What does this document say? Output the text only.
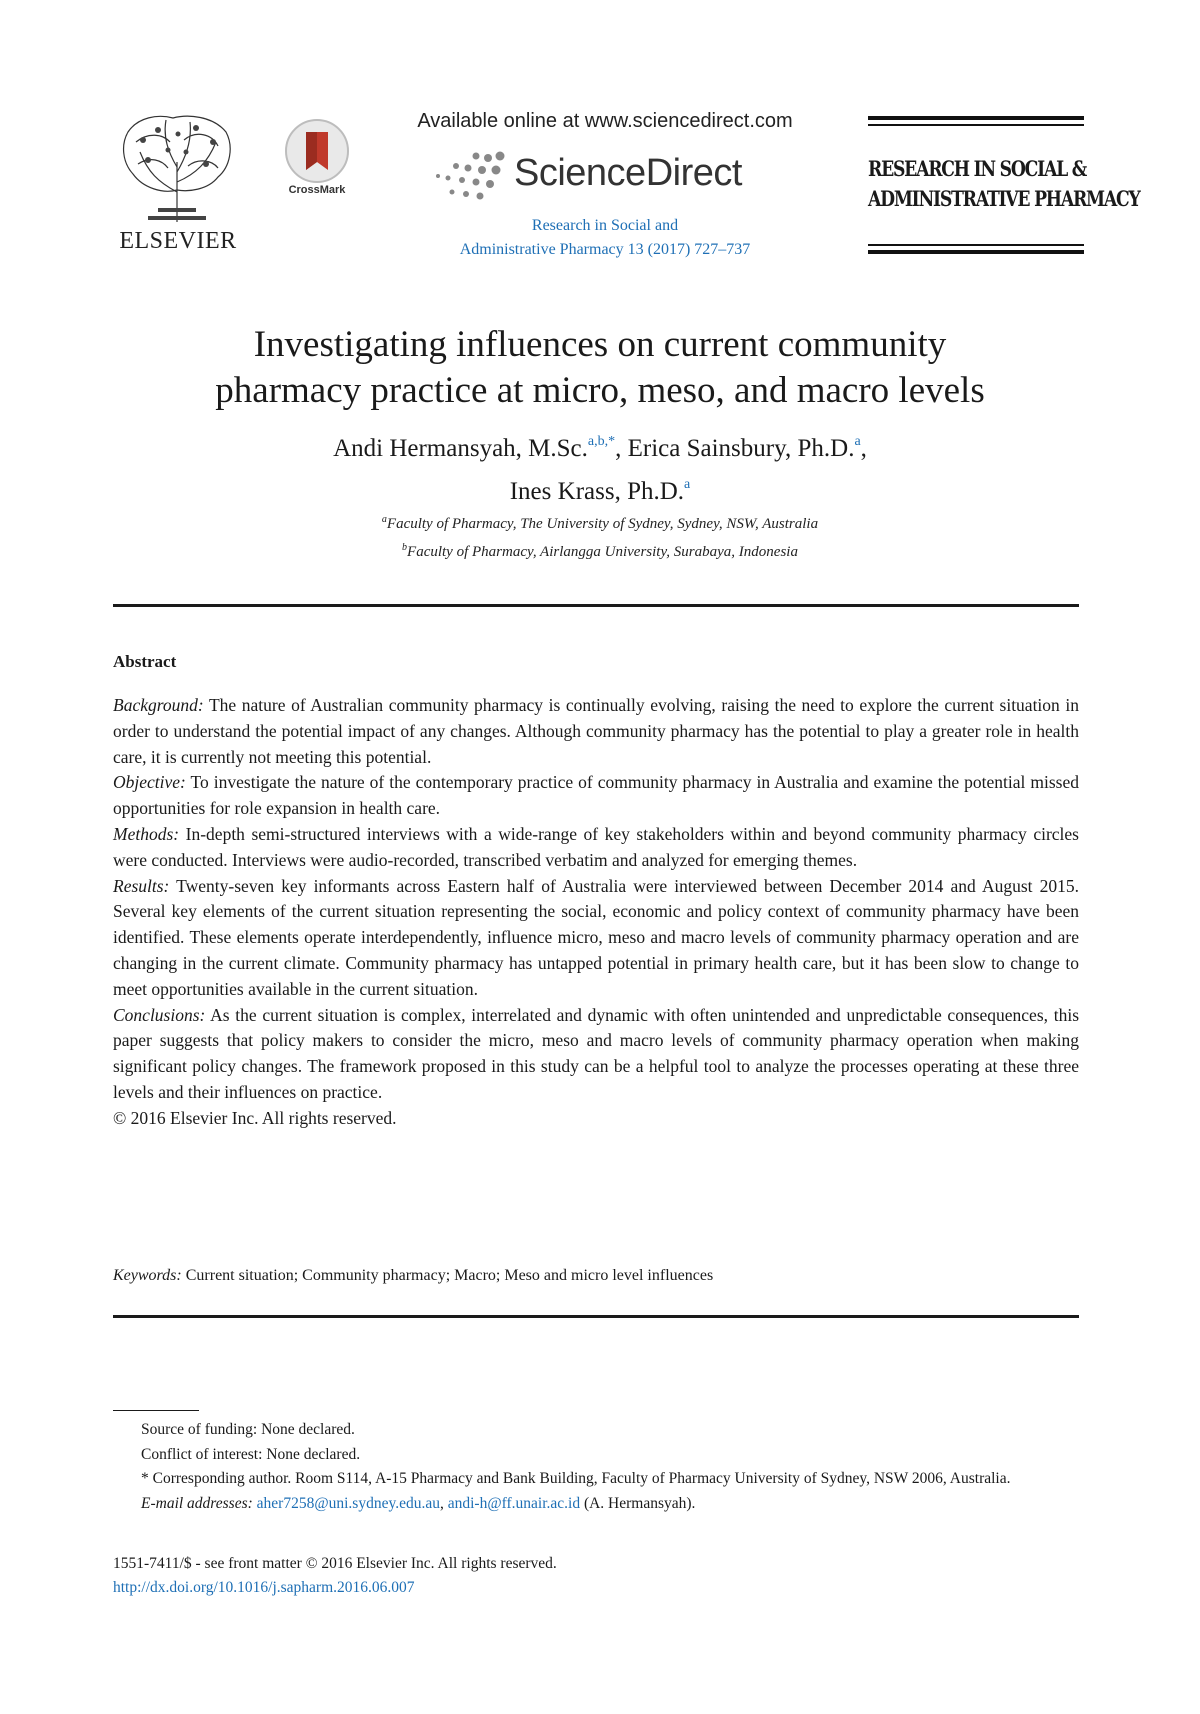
ELSEVIER
CrossMark
Available online at www.sciencedirect.com
ScienceDirect
Research in Social and
Administrative Pharmacy 13 (2017) 727–737
RESEARCH IN SOCIAL &
ADMINISTRATIVE PHARMACY
Investigating influences on current community
pharmacy practice at micro, meso, and macro levels
Andi Hermansyah, M.Sc.$^{a,b,*}$, Erica Sainsbury, Ph.D.$^a$,
Ines Krass, Ph.D.$^a$
$^a$Faculty of Pharmacy, The University of Sydney, Sydney, NSW, Australia
$^b$Faculty of Pharmacy, Airlangga University, Surabaya, Indonesia
Abstract

Background: The nature of Australian community pharmacy is continually evolving, raising the need to explore the current situation in order to understand the potential impact of any changes. Although community pharmacy has the potential to play a greater role in health care, it is currently not meeting this potential.

Objective: To investigate the nature of the contemporary practice of community pharmacy in Australia and examine the potential missed opportunities for role expansion in health care.

Methods: In-depth semi-structured interviews with a wide-range of key stakeholders within and beyond community pharmacy circles were conducted. Interviews were audio-recorded, transcribed verbatim and analyzed for emerging themes.

Results: Twenty-seven key informants across Eastern half of Australia were interviewed between December 2014 and August 2015. Several key elements of the current situation representing the social, economic and policy context of community pharmacy have been identified. These elements operate interdependently, influence micro, meso and macro levels of community pharmacy operation and are changing in the current climate. Community pharmacy has untapped potential in primary health care, but it has been slow to change to meet opportunities available in the current situation.

Conclusions: As the current situation is complex, interrelated and dynamic with often unintended and unpredictable consequences, this paper suggests that policy makers to consider the micro, meso and macro levels of community pharmacy operation when making significant policy changes. The framework proposed in this study can be a helpful tool to analyze the processes operating at these three levels and their influences on practice.

© 2016 Elsevier Inc. All rights reserved.

Keywords: Current situation; Community pharmacy; Macro; Meso and micro level influences

Source of funding: None declared.

Conflict of interest: None declared.

* Corresponding author. Room S114, A-15 Pharmacy and Bank Building, Faculty of Pharmacy University of Sydney, NSW 2006, Australia.

E-mail addresses: aher7258@uni.sydney.edu.au, andi-h@ff.unair.ac.id (A. Hermansyah).

1551-7411/$ - see front matter © 2016 Elsevier Inc. All rights reserved.

http://dx.doi.org/10.1016/j.sapharm.2016.06.007
